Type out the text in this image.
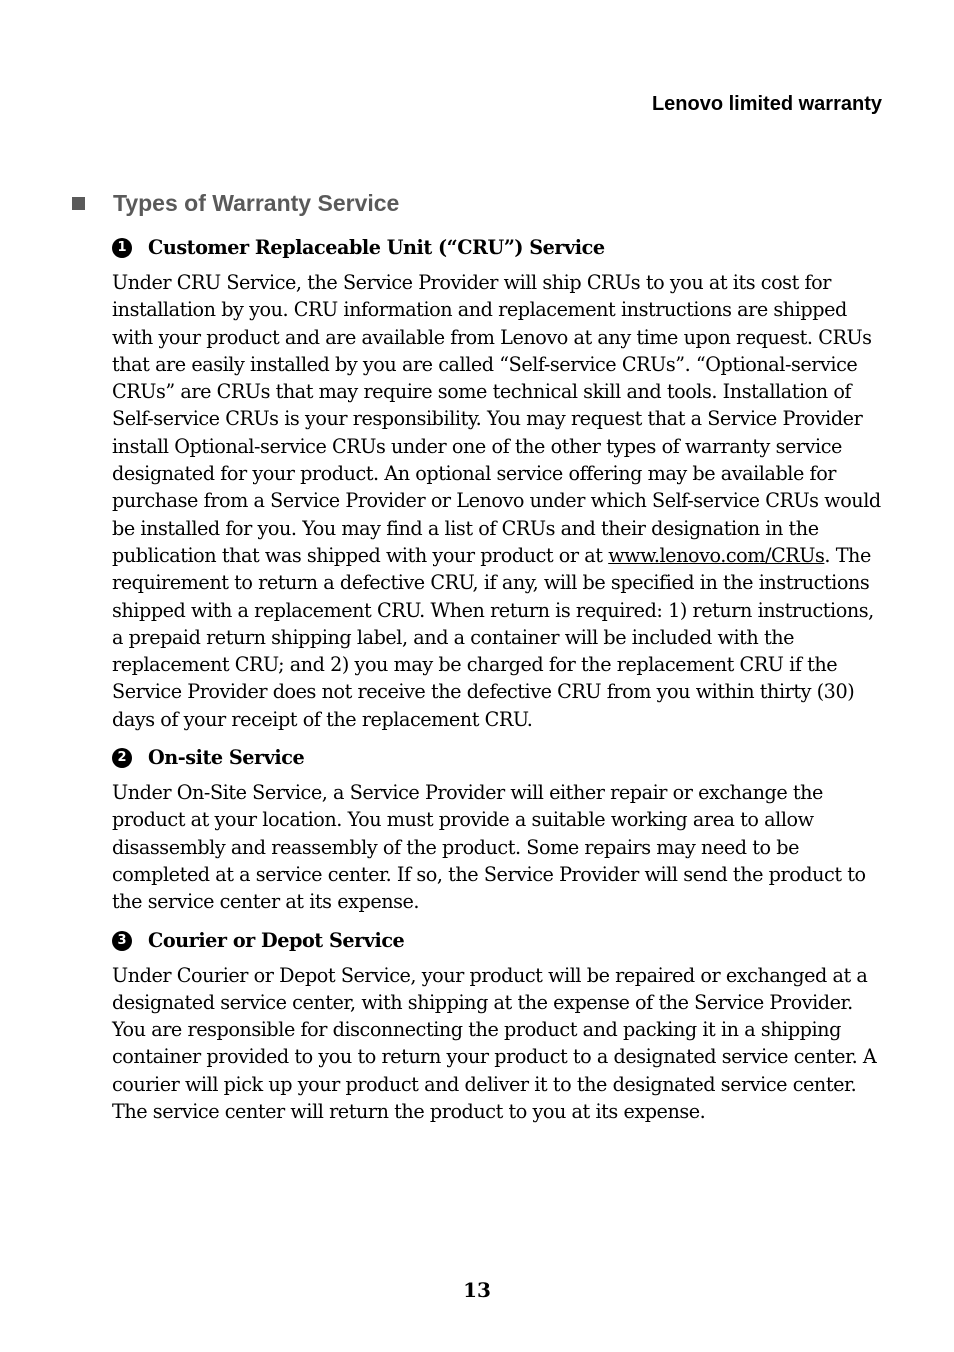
Lenovo limited warranty
Types of Warranty Service
1 Customer Replaceable Unit (“CRU”) Service

Under CRU Service, the Service Provider will ship CRUs to you at its cost for installation by you. CRU information and replacement instructions are shipped with your product and are available from Lenovo at any time upon request. CRUs that are easily installed by you are called “Self-service CRUs”. “Optional-service CRUs” are CRUs that may require some technical skill and tools. Installation of Self-service CRUs is your responsibility. You may request that a Service Provider install Optional-service CRUs under one of the other types of warranty service designated for your product. An optional service offering may be available for purchase from a Service Provider or Lenovo under which Self-service CRUs would be installed for you. You may find a list of CRUs and their designation in the publication that was shipped with your product or at www.lenovo.com/CRUs. The requirement to return a defective CRU, if any, will be specified in the instructions shipped with a replacement CRU. When return is required: 1) return instructions, a prepaid return shipping label, and a container will be included with the replacement CRU; and 2) you may be charged for the replacement CRU if the Service Provider does not receive the defective CRU from you within thirty (30) days of your receipt of the replacement CRU.

2 On-site Service

Under On-Site Service, a Service Provider will either repair or exchange the product at your location. You must provide a suitable working area to allow disassembly and reassembly of the product. Some repairs may need to be completed at a service center. If so, the Service Provider will send the product to the service center at its expense.

3 Courier or Depot Service

Under Courier or Depot Service, your product will be repaired or exchanged at a designated service center, with shipping at the expense of the Service Provider. You are responsible for disconnecting the product and packing it in a shipping container provided to you to return your product to a designated service center. A courier will pick up your product and deliver it to the designated service center. The service center will return the product to you at its expense.

13
